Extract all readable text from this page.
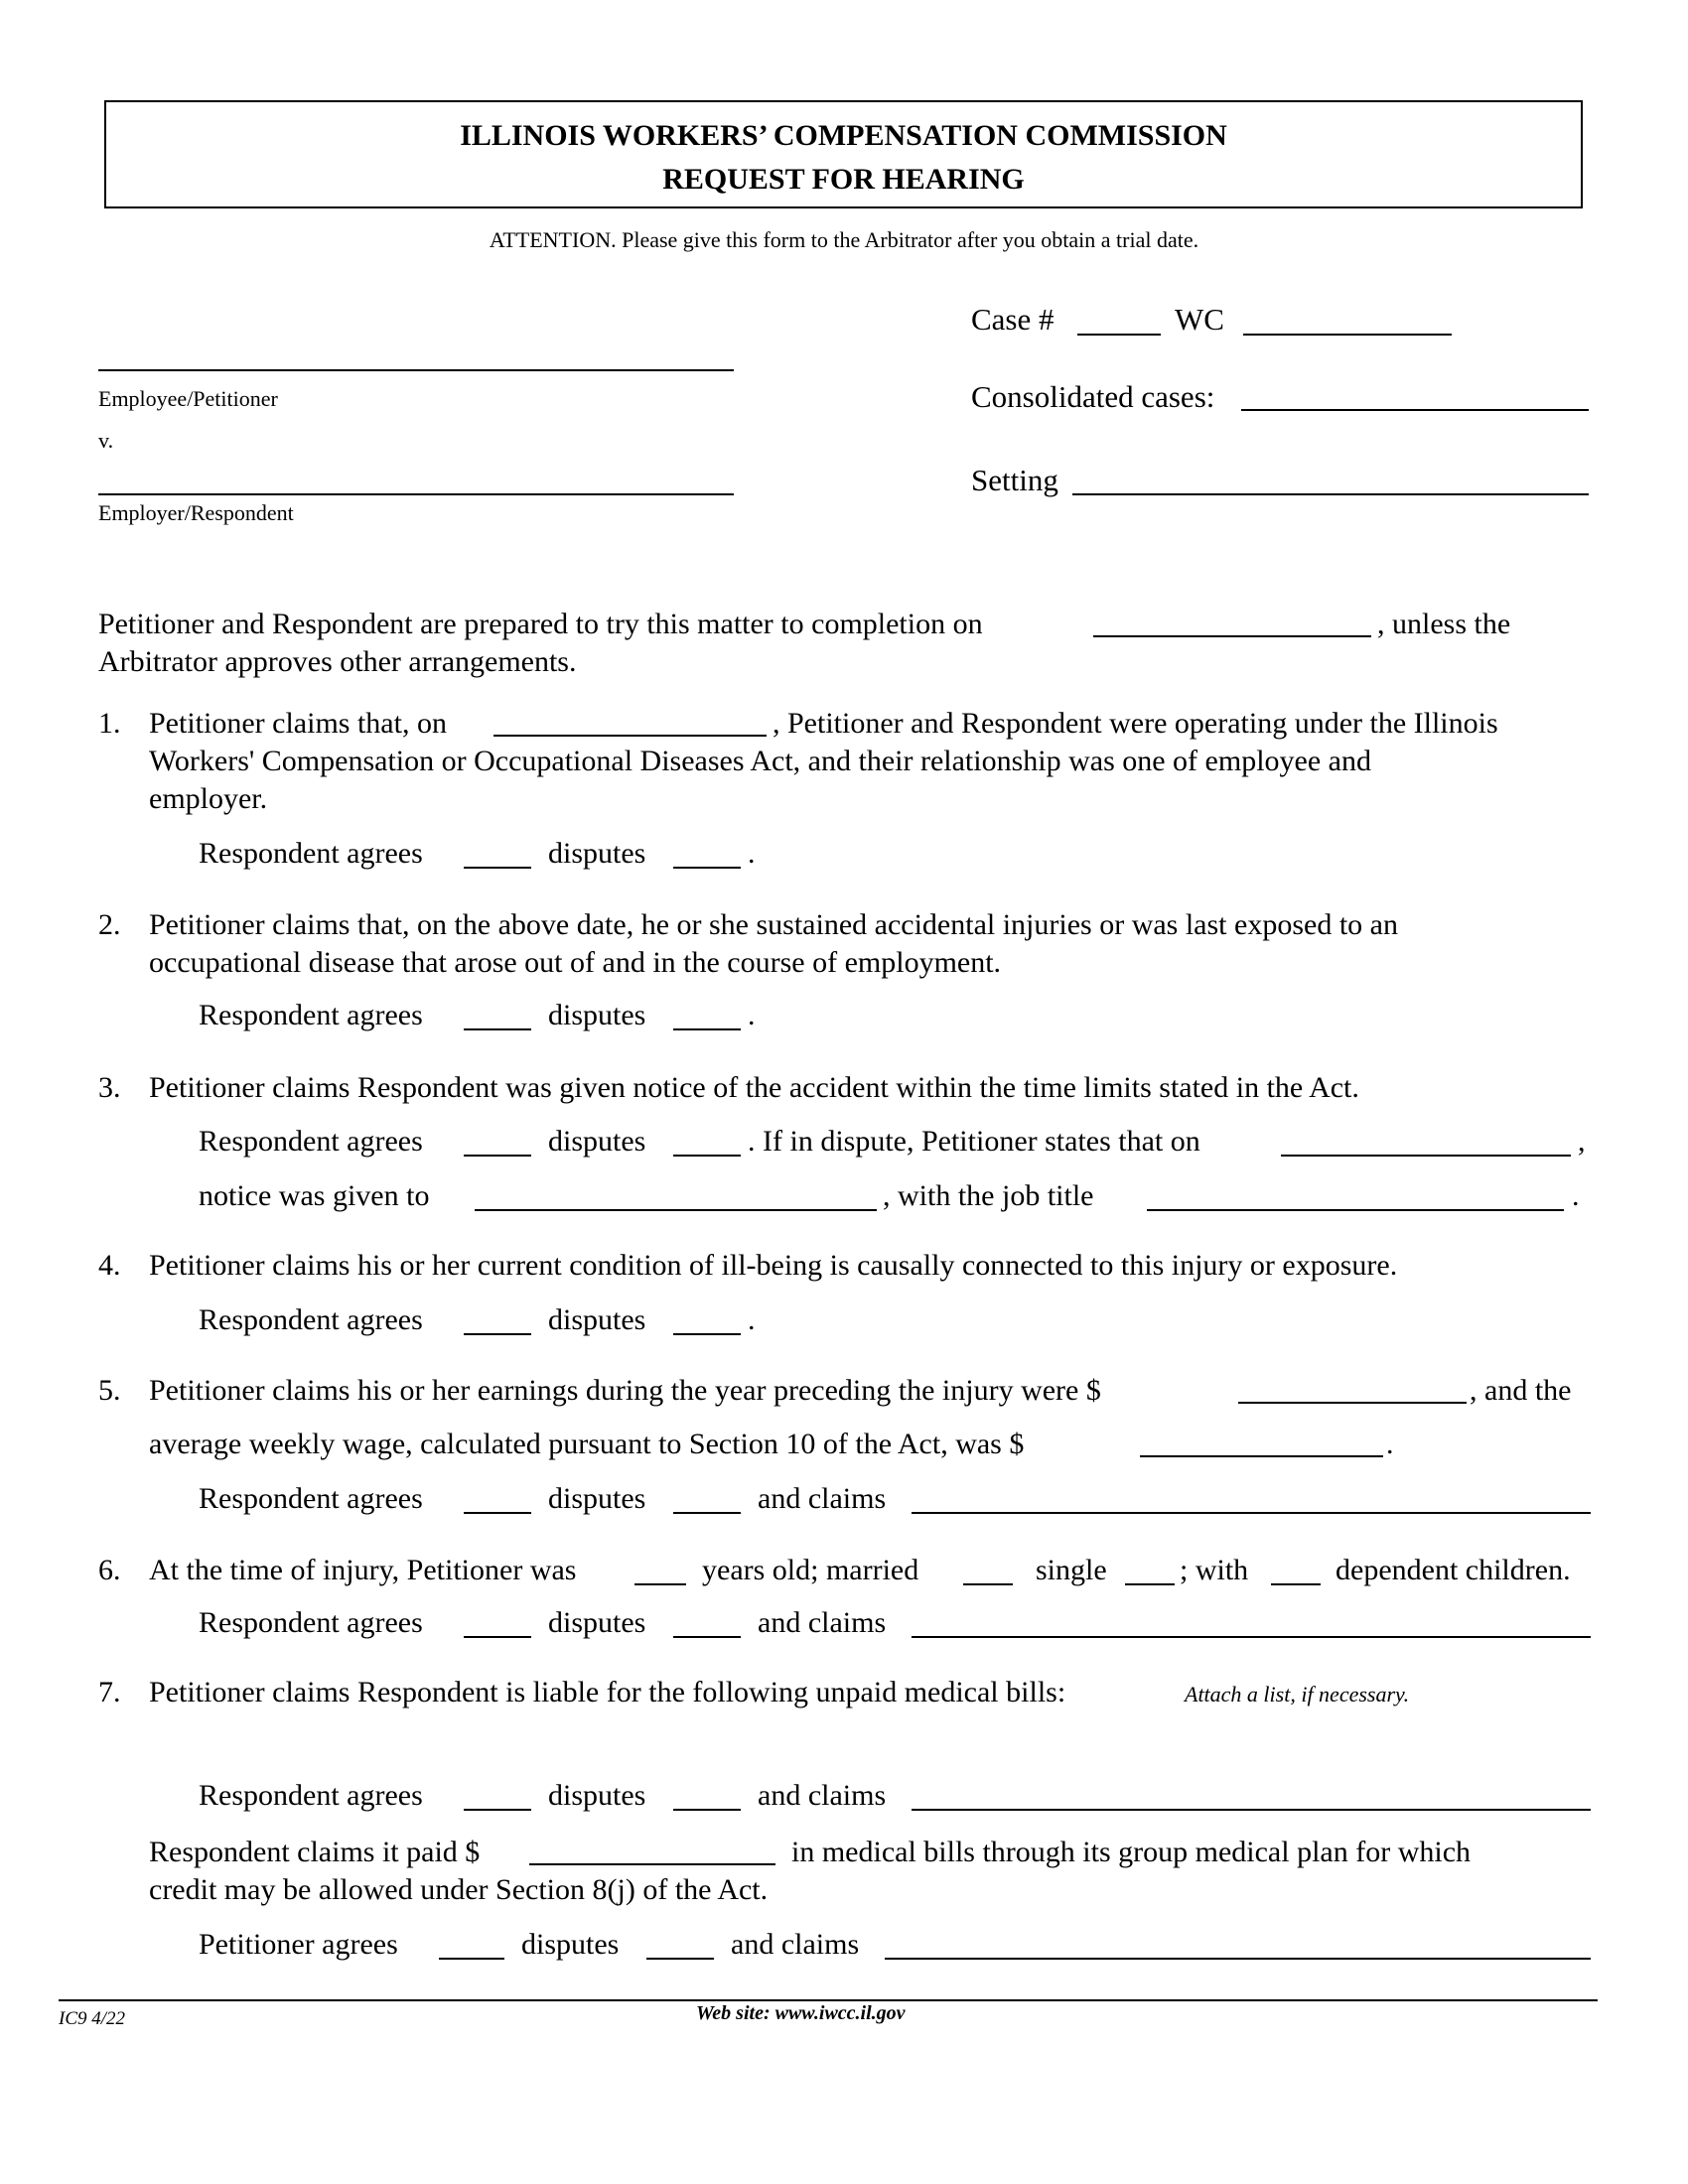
ILLINOIS WORKERS’ COMPENSATION COMMISSION
REQUEST FOR HEARING
ATTENTION. Please give this form to the Arbitrator after you obtain a trial date.
Employee/Petitioner
v.
Employer/Respondent
Case #	WC
Consolidated cases:
Setting
Petitioner and Respondent are prepared to try this matter to completion on	, unless the
Arbitrator approves other arrangements.
1. Petitioner claims that, on	, Petitioner and Respondent were operating under the Illinois
Workers' Compensation or Occupational Diseases Act, and their relationship was one of employee and
employer.
Respondent agrees	disputes	.
2. Petitioner claims that, on the above date, he or she sustained accidental injuries or was last exposed to an
occupational disease that arose out of and in the course of employment.
Respondent agrees	disputes	.
3. Petitioner claims Respondent was given notice of the accident within the time limits stated in the Act.
Respondent agrees	disputes	. If in dispute, Petitioner states that on	,
notice was given to	, with the job title	.
4. Petitioner claims his or her current condition of ill-being is causally connected to this injury or exposure.
Respondent agrees	disputes	.
5. Petitioner claims his or her earnings during the year preceding the injury were $	, and the
average weekly wage, calculated pursuant to Section 10 of the Act, was $	.
Respondent agrees	disputes	and claims
6. At the time of injury, Petitioner was	years old; married	single ; with	dependent children.
Respondent agrees	disputes	and claims
7. Petitioner claims Respondent is liable for the following unpaid medical bills:	Attach a list, if necessary.
Respondent agrees	disputes	and claims
Respondent claims it paid $	in medical bills through its group medical plan for which
credit may be allowed under Section 8(j) of the Act.
Petitioner agrees	disputes	and claims
IC9 4/22	Web site: www.iwcc.il.gov
